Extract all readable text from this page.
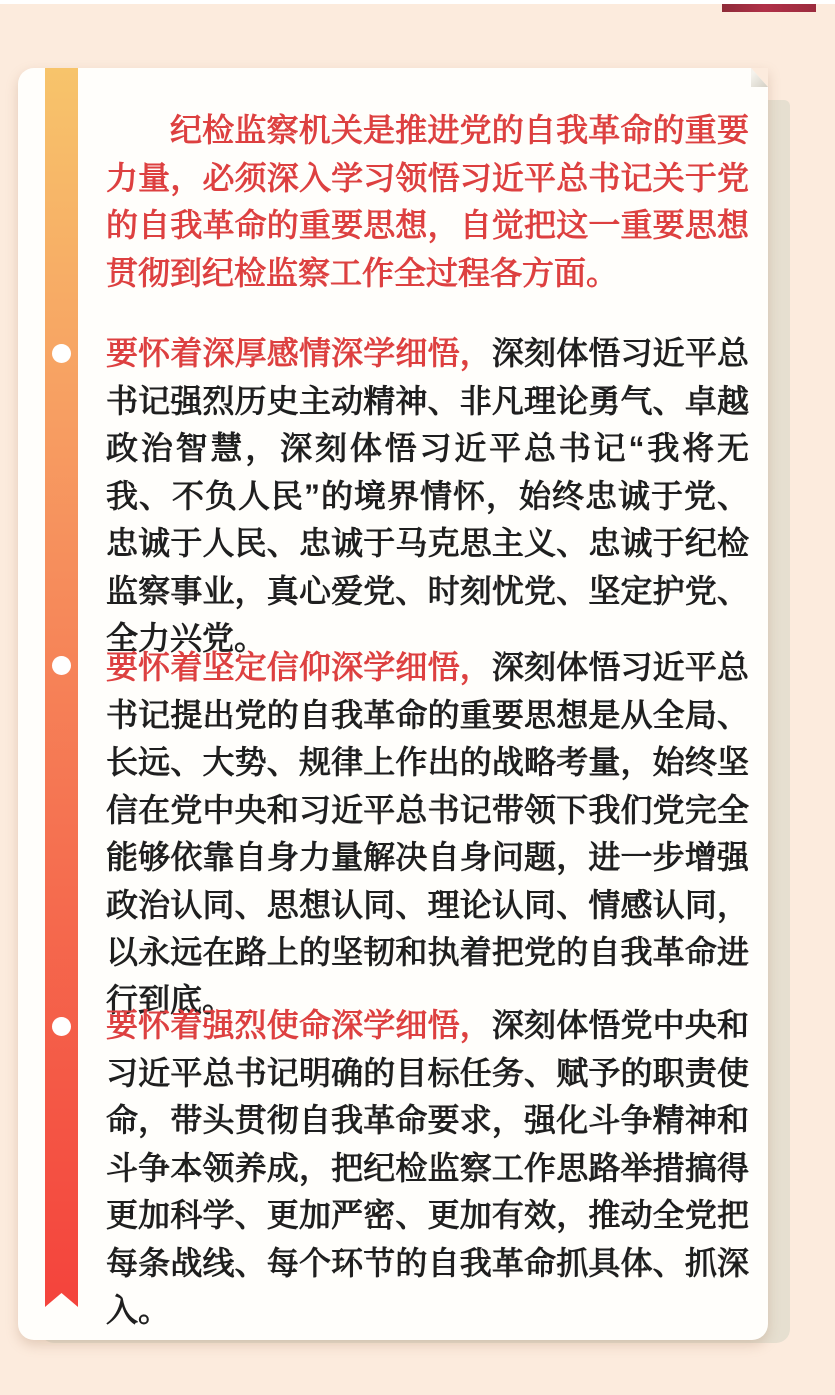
纪检监察机关是推进党的自我革命的重要力量，必须深入学习领悟习近平总书记关于党的自我革命的重要思想，自觉把这一重要思想贯彻到纪检监察工作全过程各方面。

要怀着深厚感情深学细悟，深刻体悟习近平总书记强烈历史主动精神、非凡理论勇气、卓越政治智慧，深刻体悟习近平总书记“我将无我、不负人民”的境界情怀，始终忠诚于党、忠诚于人民、忠诚于马克思主义、忠诚于纪检监察事业，真心爱党、时刻忧党、坚定护党、全力兴党。

要怀着坚定信仰深学细悟，深刻体悟习近平总书记提出党的自我革命的重要思想是从全局、长远、大势、规律上作出的战略考量，始终坚信在党中央和习近平总书记带领下我们党完全能够依靠自身力量解决自身问题，进一步增强政治认同、思想认同、理论认同、情感认同，以永远在路上的坚韧和执着把党的自我革命进行到底。

要怀着强烈使命深学细悟，深刻体悟党中央和习近平总书记明确的目标任务、赋予的职责使命，带头贯彻自我革命要求，强化斗争精神和斗争本领养成，把纪检监察工作思路举措搞得更加科学、更加严密、更加有效，推动全党把每条战线、每个环节的自我革命抓具体、抓深入。
